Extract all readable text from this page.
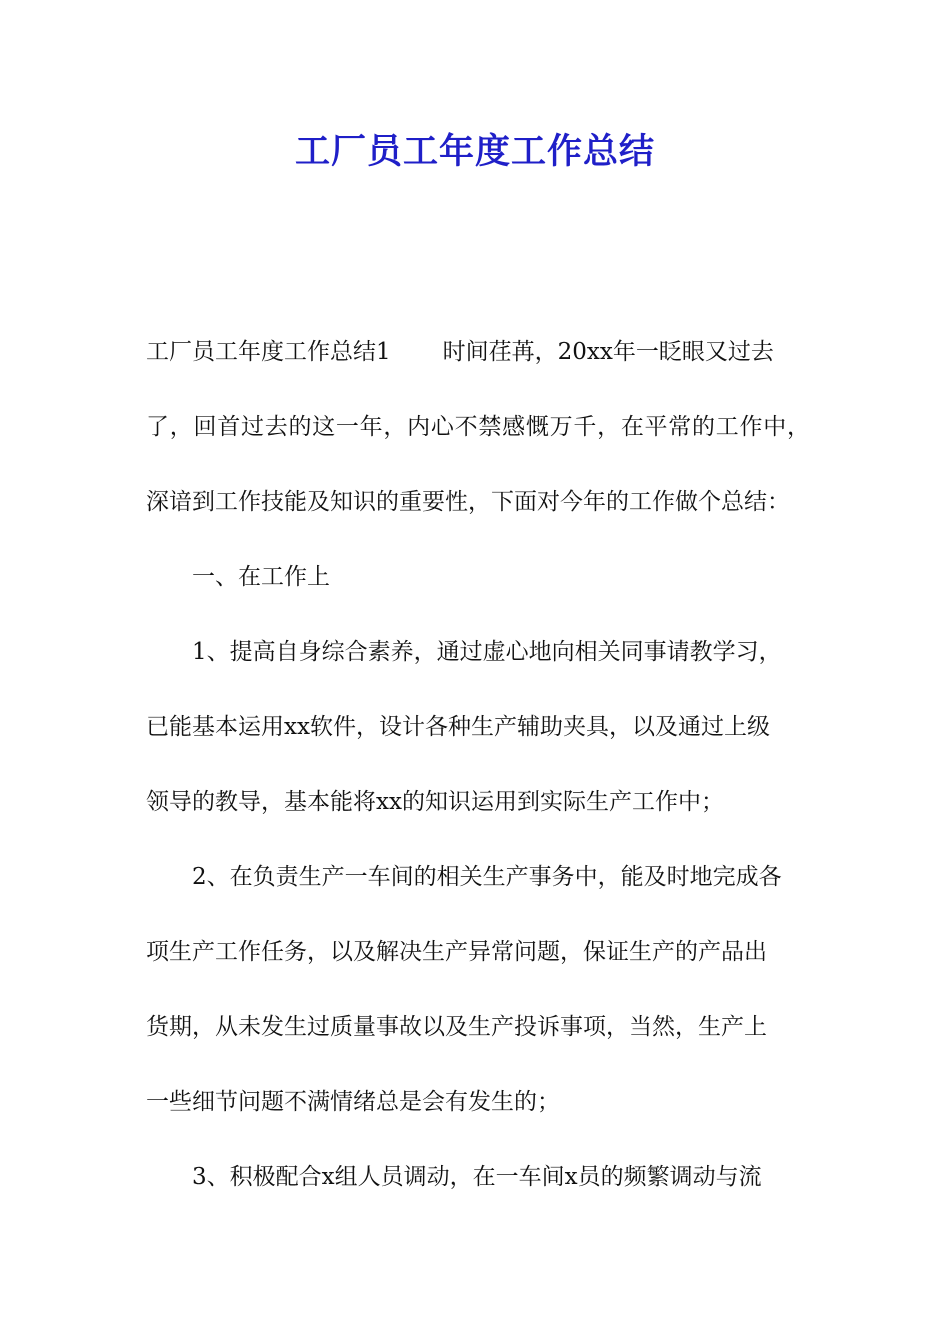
工厂员工年度工作总结
工厂员工年度工作总结1 时间荏苒，20xx年一眨眼又过去
了，回首过去的这一年，内心不禁感慨万千，在平常的工作中，
深谙到工作技能及知识的重要性，下面对今年的工作做个总结：
一、在工作上
1、提高自身综合素养，通过虚心地向相关同事请教学习，
已能基本运用xx软件，设计各种生产辅助夹具，以及通过上级
领导的教导，基本能将xx的知识运用到实际生产工作中；
2、在负责生产一车间的相关生产事务中，能及时地完成各
项生产工作任务，以及解决生产异常问题，保证生产的产品出
货期，从未发生过质量事故以及生产投诉事项，当然，生产上
一些细节问题不满情绪总是会有发生的；
3、积极配合x组人员调动，在一车间x员的频繁调动与流
